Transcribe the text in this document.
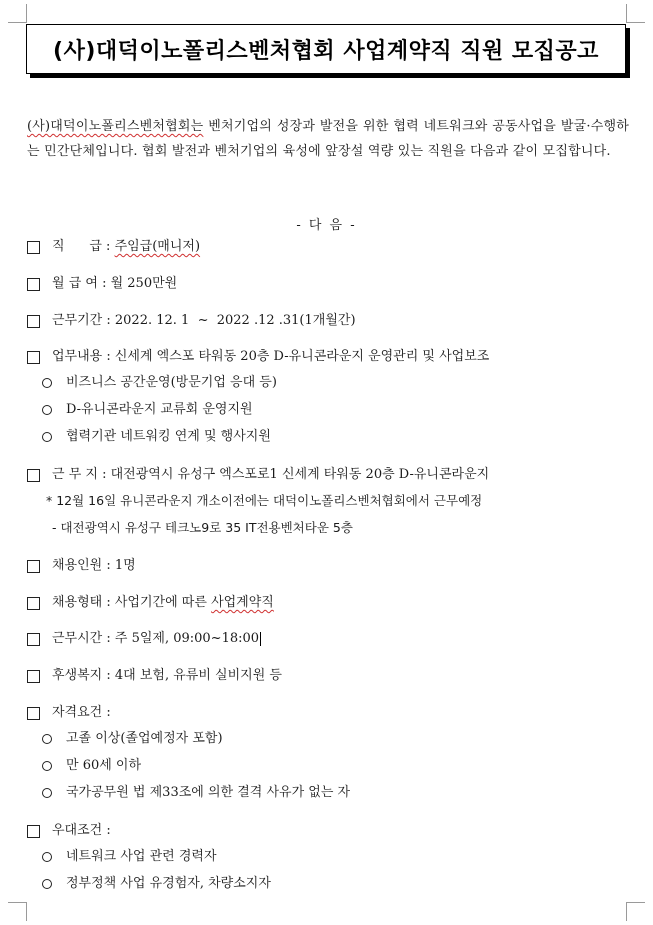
(사)대덕이노폴리스벤처협회 사업계약직 직원 모집공고
(사)대덕이노폴리스벤처협회는 벤처기업의 성장과 발전을 위한 협력 네트워크와 공동사업을 발굴·수행하는 민간단체입니다. 협회 발전과 벤처기업의 육성에 앞장설 역량 있는 직원을 다음과 같이 모집합니다.
- 다 음 -
직      급 : 주임급(매니저)
월 급 여 : 월 250만원
근무기간 : 2022. 12. 1  ~  2022 .12 .31(1개월간)
업무내용 : 신세계 엑스포 타워동 20층 D-유니콘라운지 운영관리 및 사업보조
비즈니스 공간운영(방문기업 응대 등)
D-유니콘라운지 교류회 운영지원
협력기관 네트워킹 연계 및 행사지원
근 무 지 : 대전광역시 유성구 엑스포로1 신세계 타워동 20층 D-유니콘라운지
* 12월 16일 유니콘라운지 개소이전에는 대덕이노폴리스벤처협회에서 근무예정
- 대전광역시 유성구 테크노9로 35 IT전용벤처타운 5층
채용인원 : 1명
채용형태 : 사업기간에 따른 사업계약직
근무시간 : 주 5일제, 09:00~18:00
후생복지 : 4대 보험, 유류비 실비지원 등
자격요건 :
고졸 이상(졸업예정자 포함)
만 60세 이하
국가공무원 법 제33조에 의한 결격 사유가 없는 자
우대조건 :
네트워크 사업 관련 경력자
정부정책 사업 유경험자, 차량소지자
